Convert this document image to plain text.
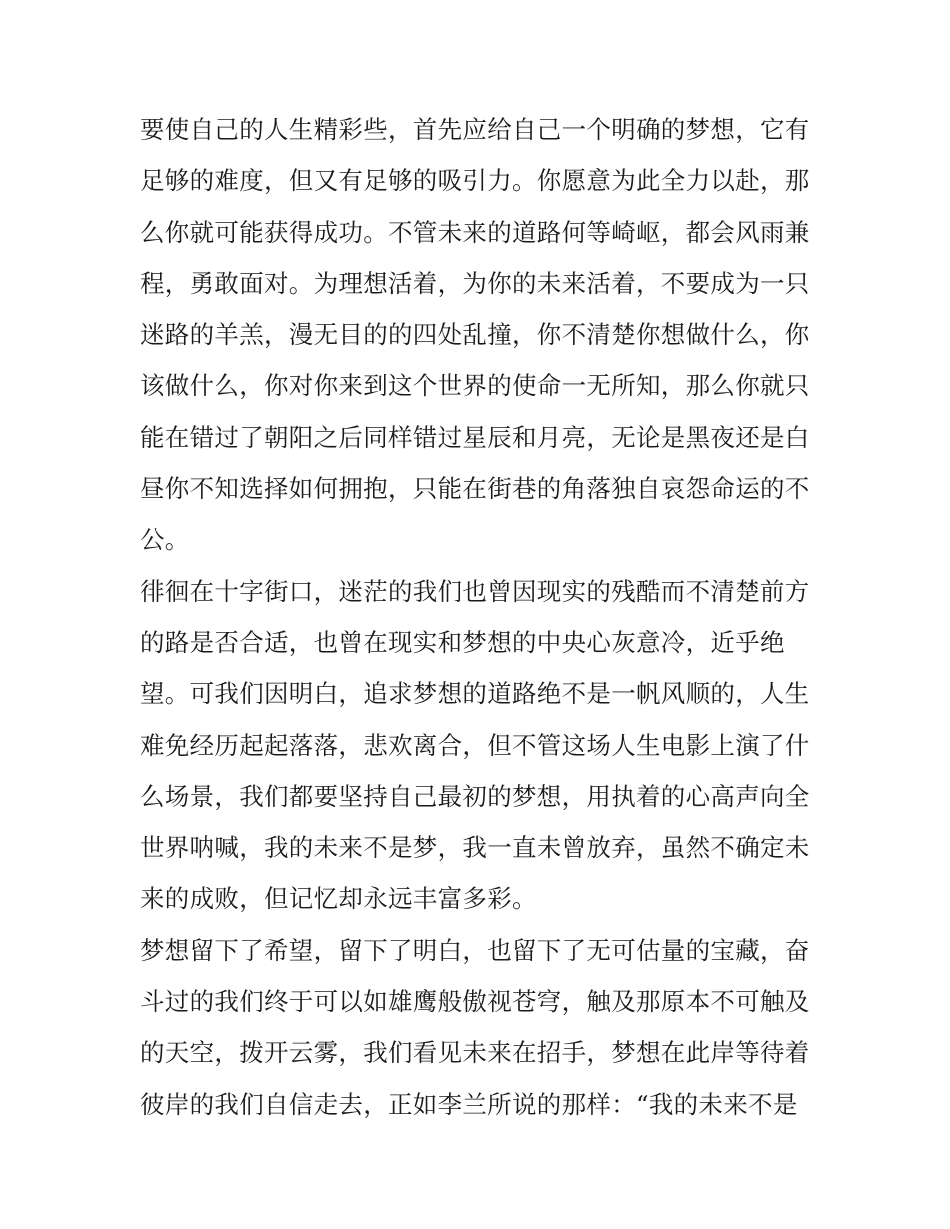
要使自己的人生精彩些，首先应给自己一个明确的梦想，它有
足够的难度，但又有足够的吸引力。你愿意为此全力以赴，那
么你就可能获得成功。不管未来的道路何等崎岖，都会风雨兼
程，勇敢面对。为理想活着，为你的未来活着，不要成为一只
迷路的羊羔，漫无目的的四处乱撞，你不清楚你想做什么，你
该做什么，你对你来到这个世界的使命一无所知，那么你就只
能在错过了朝阳之后同样错过星辰和月亮，无论是黑夜还是白
昼你不知选择如何拥抱，只能在街巷的角落独自哀怨命运的不
公。
徘徊在十字街口，迷茫的我们也曾因现实的残酷而不清楚前方
的路是否合适，也曾在现实和梦想的中央心灰意冷，近乎绝
望。可我们因明白，追求梦想的道路绝不是一帆风顺的，人生
难免经历起起落落，悲欢离合，但不管这场人生电影上演了什
么场景，我们都要坚持自己最初的梦想，用执着的心高声向全
世界呐喊，我的未来不是梦，我一直未曾放弃，虽然不确定未
来的成败，但记忆却永远丰富多彩。
梦想留下了希望，留下了明白，也留下了无可估量的宝藏，奋
斗过的我们终于可以如雄鹰般傲视苍穹，触及那原本不可触及
的天空，拨开云雾，我们看见未来在招手，梦想在此岸等待着
彼岸的我们自信走去，正如李兰所说的那样：“我的未来不是
